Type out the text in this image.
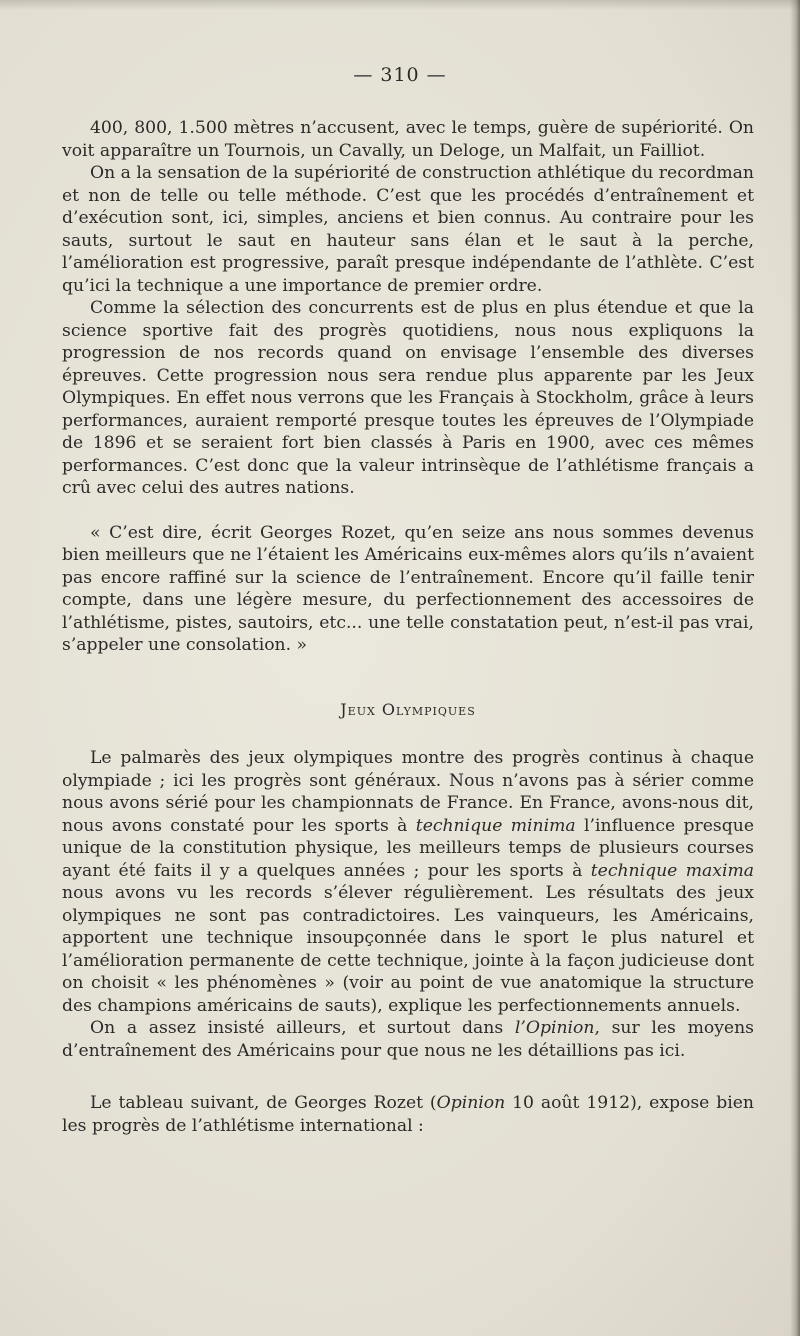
— 310 —

400, 800, 1.500 mètres n’accusent, avec le temps, guère de supériorité. On voit apparaître un Tournois, un Cavally, un Deloge, un Malfait, un Failliot.

On a la sensation de la supériorité de construction athlétique du recordman et non de telle ou telle méthode. C’est que les procédés d’entraînement et d’exécution sont, ici, simples, anciens et bien connus. Au contraire pour les sauts, surtout le saut en hauteur sans élan et le saut à la perche, l’amélioration est progressive, paraît presque indépendante de l’athlète. C’est qu’ici la technique a une importance de premier ordre.

Comme la sélection des concurrents est de plus en plus étendue et que la science sportive fait des progrès quotidiens, nous nous expliquons la progression de nos records quand on envisage l’ensemble des diverses épreuves. Cette progression nous sera rendue plus apparente par les Jeux Olympiques. En effet nous verrons que les Français à Stockholm, grâce à leurs performances, auraient remporté presque toutes les épreuves de l’Olympiade de 1896 et se seraient fort bien classés à Paris en 1900, avec ces mêmes performances. C’est donc que la valeur intrinsèque de l’athlétisme français a crû avec celui des autres nations.

« C’est dire, écrit Georges Rozet, qu’en seize ans nous sommes devenus bien meilleurs que ne l’étaient les Américains eux-mêmes alors qu’ils n’avaient pas encore raffiné sur la science de l’entraînement. Encore qu’il faille tenir compte, dans une légère mesure, du perfectionnement des accessoires de l’athlétisme, pistes, sautoirs, etc... une telle constatation peut, n’est-il pas vrai, s’appeler une consolation. »

Jeux Olympiques

Le palmarès des jeux olympiques montre des progrès continus à chaque olympiade ; ici les progrès sont généraux. Nous n’avons pas à sérier comme nous avons sérié pour les championnats de France. En France, avons-nous dit, nous avons constaté pour les sports à technique minima l’influence presque unique de la constitution physique, les meilleurs temps de plusieurs courses ayant été faits il y a quelques années ; pour les sports à technique maxima nous avons vu les records s’élever régulièrement. Les résultats des jeux olympiques ne sont pas contradictoires. Les vainqueurs, les Américains, apportent une technique insoupçonnée dans le sport le plus naturel et l’amélioration permanente de cette technique, jointe à la façon judicieuse dont on choisit « les phénomènes » (voir au point de vue anatomique la structure des champions américains de sauts), explique les perfectionnements annuels.

On a assez insisté ailleurs, et surtout dans l’Opinion, sur les moyens d’entraînement des Américains pour que nous ne les détaillions pas ici.

Le tableau suivant, de Georges Rozet (Opinion 10 août 1912), expose bien les progrès de l’athlétisme international :
